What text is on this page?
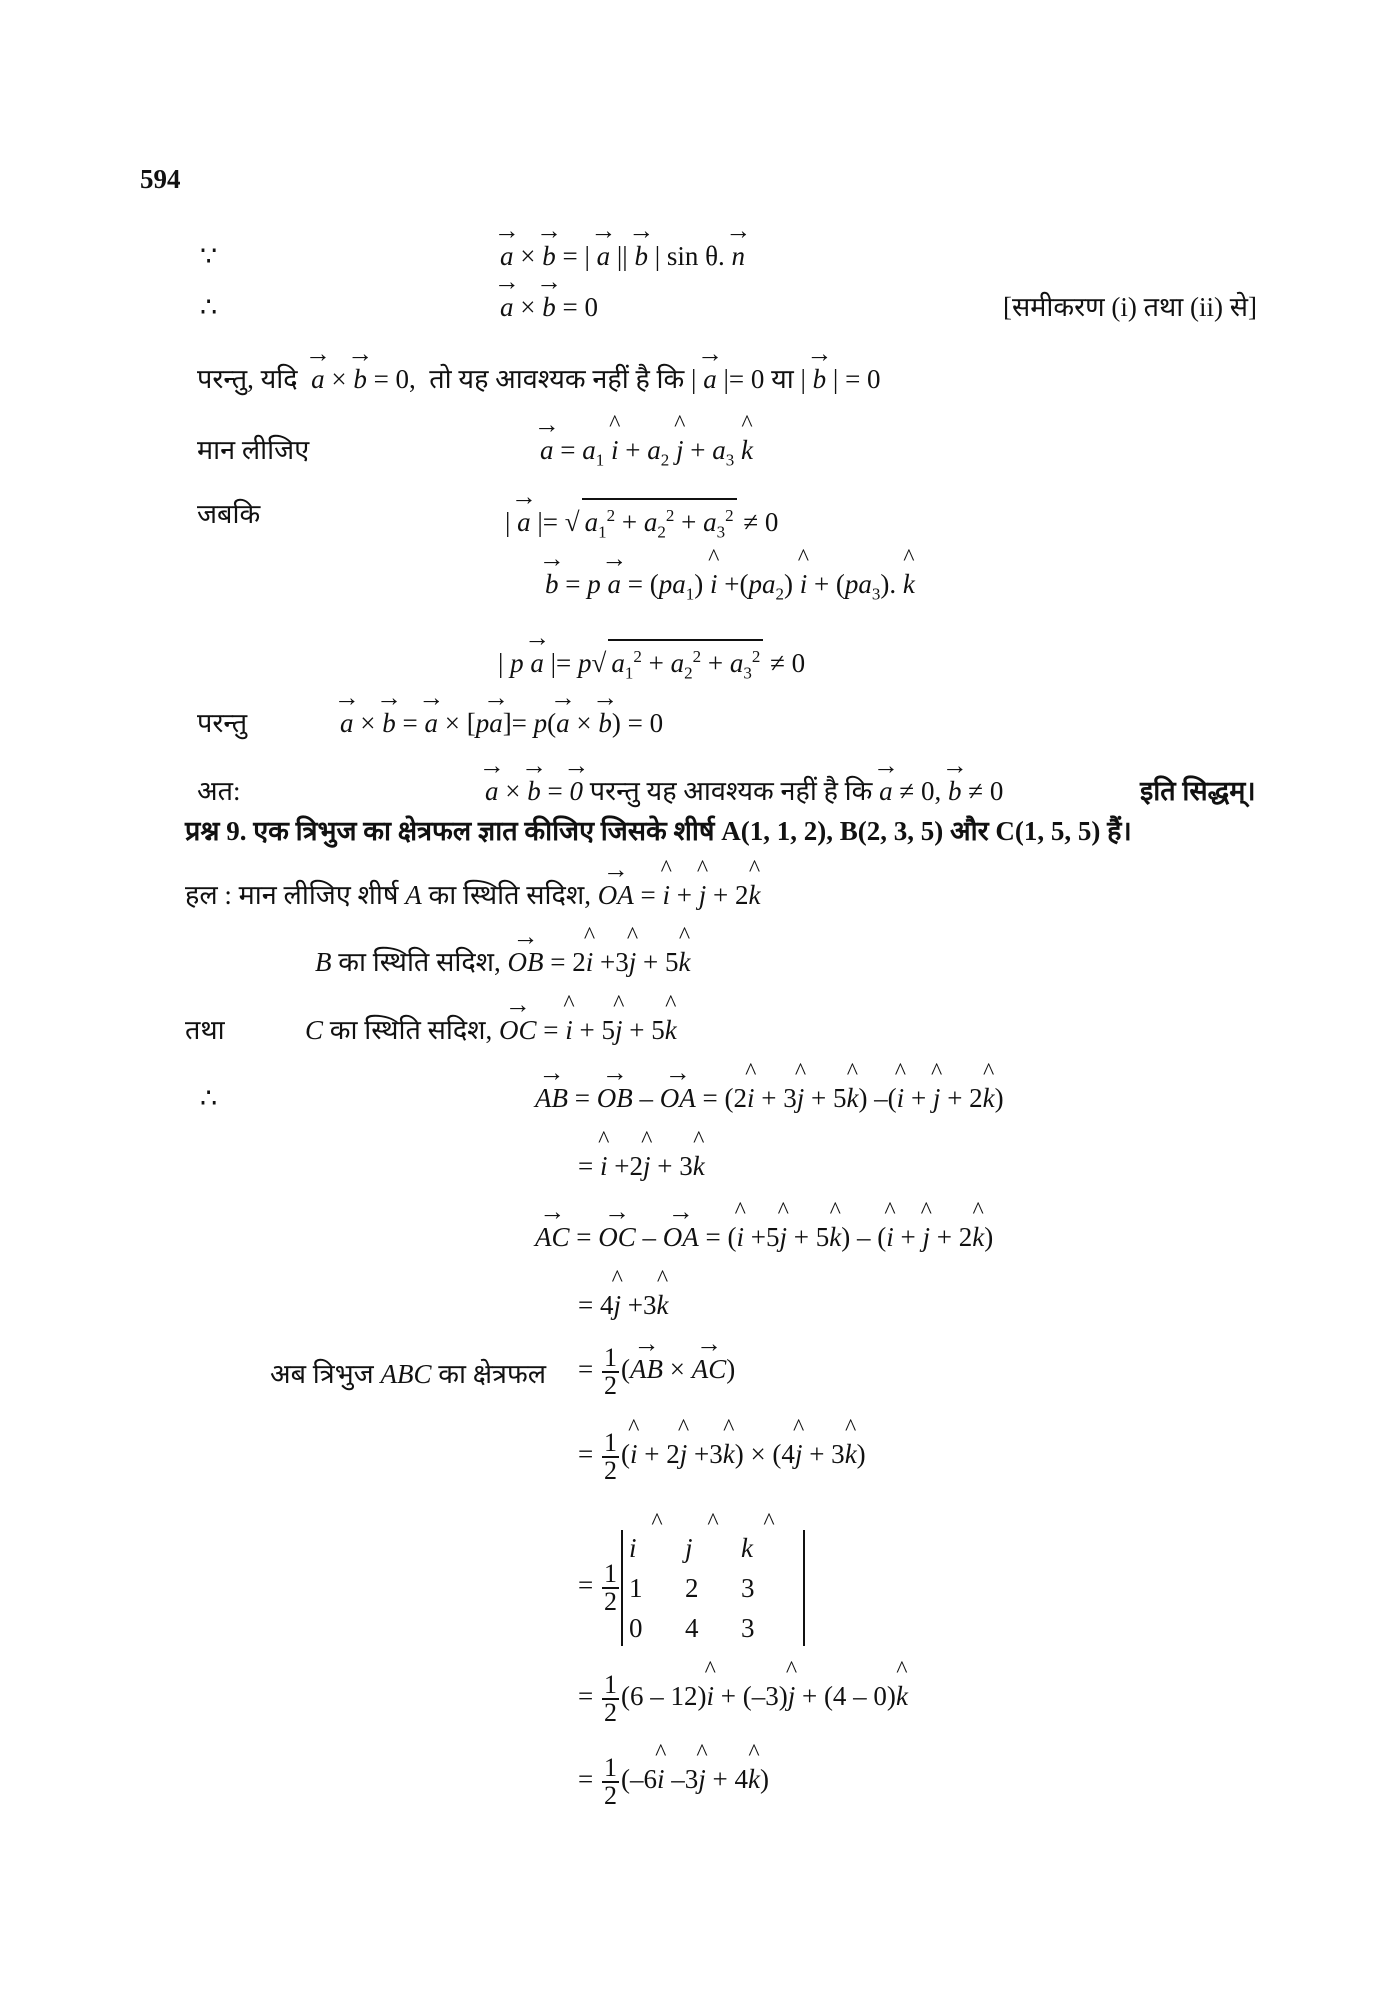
594
∵	→ a × → b = | → a || → b | sin θ. → n
∴	→ a × → b = 0	[समीकरण (i) तथा (ii) से]
परन्तु, यदि → a × → b = 0, तो यह आवश्यक नहीं है कि | → a |= 0 या | → b | = 0
मान लीजिए	→ $a = a_1$ ^ $i + a_2$ ^ $j + a_3$ ^ k
जबकि	| → a |= √ $a_1^2 + a_2^2 + a_3^2 \ne 0$
→ $b = p \to a = (pa_1)$ ^ $i +(pa_2)$ ^ $i + (pa_3)$. ^ k
| p → a |= p√ $a_1^2 + a_2^2 + a_3^2 \ne 0$
परन्तु	→ a × → b = → a × [p→ a]= p(→ a × → b) = 0
अत:	→ a × → b = → 0 परन्तु यह आवश्यक नहीं है कि → a ≠ 0, → b ≠ 0	इति सिद्धम्।
प्रश्न 9. एक त्रिभुज का क्षेत्रफल ज्ञात कीजिए जिसके शीर्ष A(1, 1, 2), B(2, 3, 5) और C(1, 5, 5) हैं।
हल : मान लीजिए शीर्ष A का स्थिति सदिश, → OA = ^ i + ^ j + 2^ k
B का स्थिति सदिश, → OB = 2^ i +3^ j + 5^ k
तथा	C का स्थिति सदिश, → OC = ^ i + 5^ j + 5^ k
∴	→ AB = → OB – → OA = (2^ i + 3^ j + 5^ k) –(^ i + ^ j + 2^ k)
= ^ i +2^ j + 3^ k
→ AC = → OC – → OA = (^ i +5^ j + 5^ k) – (^ i + ^ j + 2^ k)
= 4^ j +3^ k
अब त्रिभुज ABC का क्षेत्रफल = $\frac{1}{2}$ (→ AB × → AC)
= $\frac{1}{2}$ (^ i + 2^ j +3^ k) × (4^ j + 3^ k)
= $\frac{1}{2}$
^ i	^ j	^ k
1	2	3
0	4	3
= $\frac{1}{2} (6$ – 12)^ i + (–3)^ j + (4 – 0)^ k
= $\frac{1}{2}$ (–6^ i –3^ j + 4^ k)
